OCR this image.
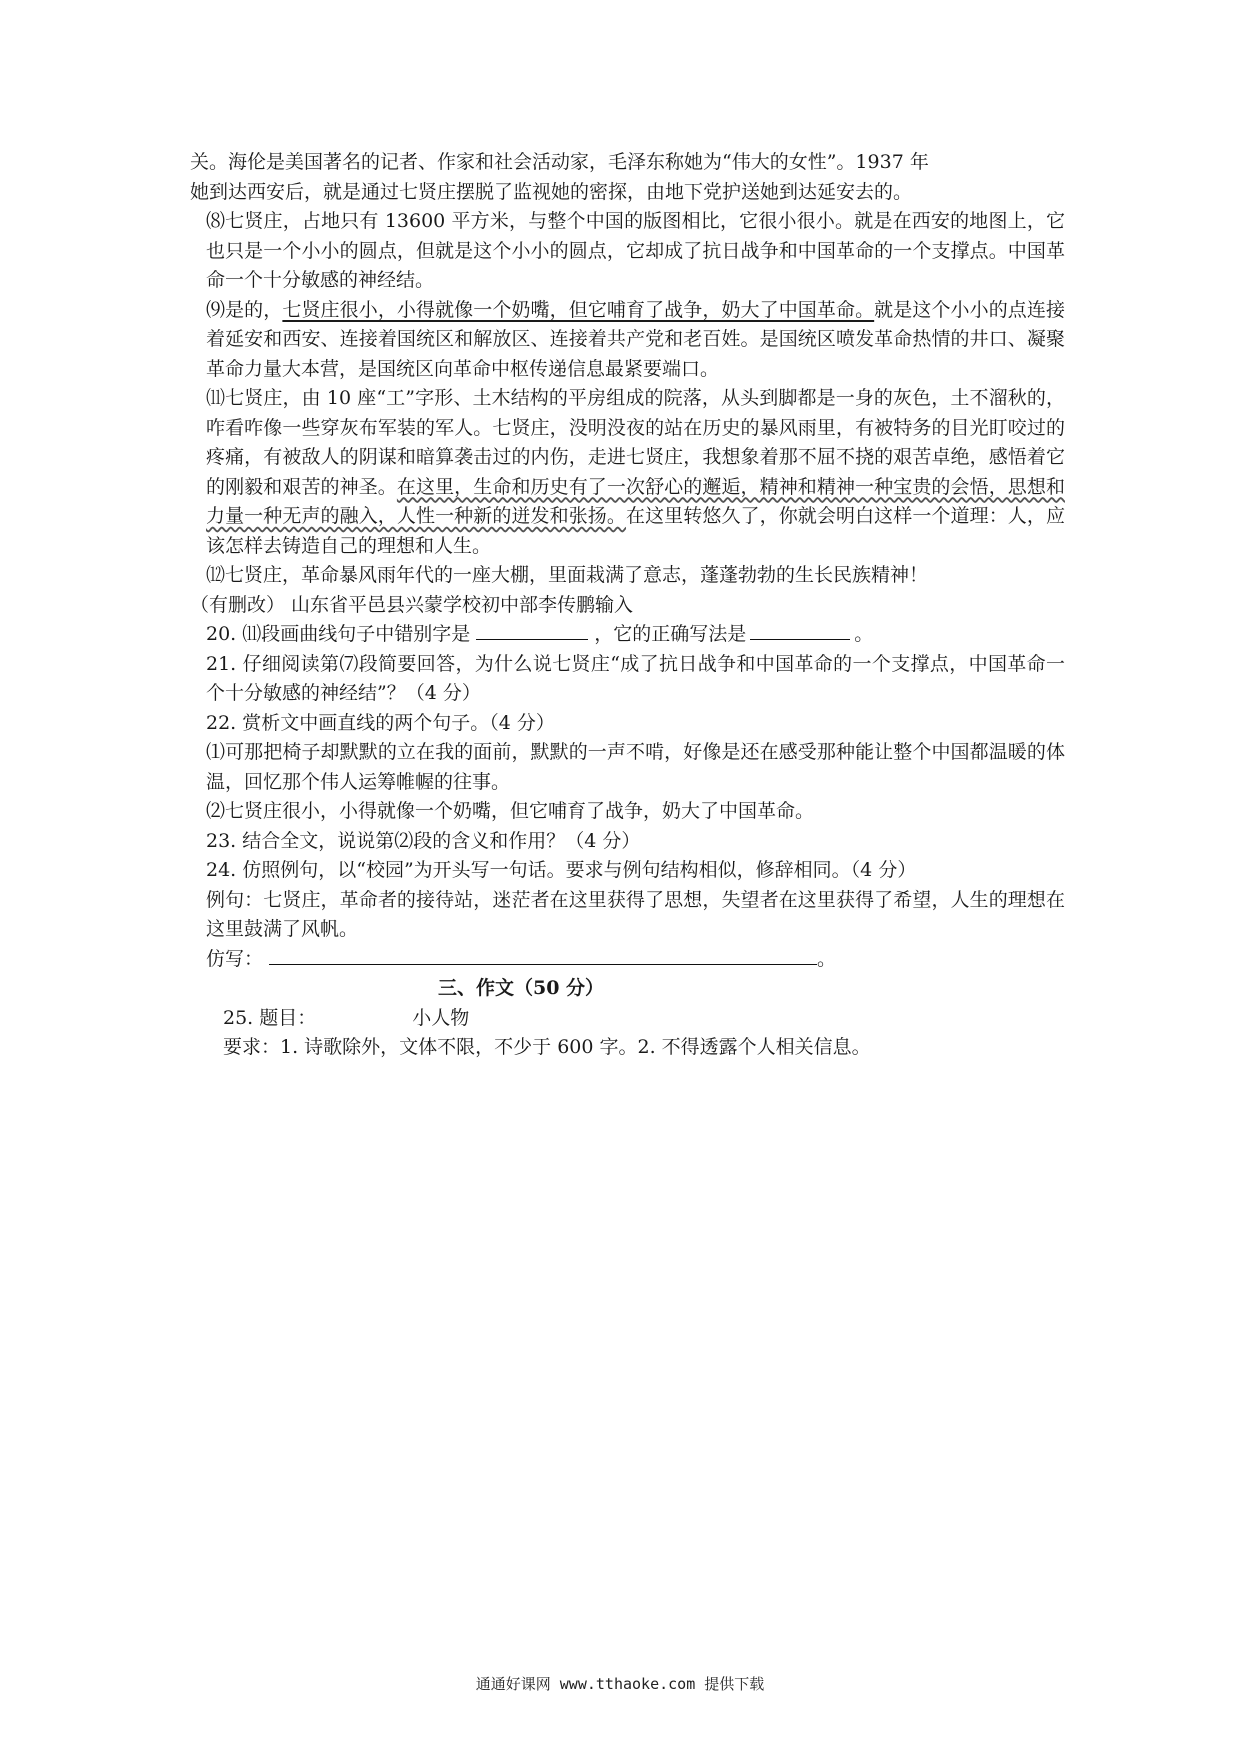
关。海伦是美国著名的记者、作家和社会活动家，毛泽东称她为“伟大的女性”。1937 年

她到达西安后，就是通过七贤庄摆脱了监视她的密探，由地下党护送她到达延安去的。

⑻七贤庄，占地只有 13600 平方米，与整个中国的版图相比，它很小很小。就是在西安的地图上，它也只是一个小小的圆点，但就是这个小小的圆点，它却成了抗日战争和中国革命的一个支撑点。中国革命一个十分敏感的神经结。

⑼是的，七贤庄很小，小得就像一个奶嘴，但它哺育了战争，奶大了中国革命。就是这个小小的点连接着延安和西安、连接着国统区和解放区、连接着共产党和老百姓。是国统区喷发革命热情的井口、凝聚革命力量大本营，是国统区向革命中枢传递信息最紧要端口。

⑾七贤庄，由 10 座“工”字形、土木结构的平房组成的院落，从头到脚都是一身的灰色，土不溜秋的，咋看咋像一些穿灰布军装的军人。七贤庄，没明没夜的站在历史的暴风雨里，有被特务的目光盯咬过的疼痛，有被敌人的阴谋和暗算袭击过的内伤，走进七贤庄，我想象着那不屈不挠的艰苦卓绝，感悟着它的刚毅和艰苦的神圣。在这里，生命和历史有了一次舒心的邂逅，精神和精神一种宝贵的会悟，思想和力量一种无声的融入，人性一种新的迸发和张扬。在这里转悠久了，你就会明白这样一个道理：人，应该怎样去铸造自己的理想和人生。

⑿七贤庄，革命暴风雨年代的一座大棚，里面栽满了意志，蓬蓬勃勃的生长民族精神！

（有删改） 山东省平邑县兴蒙学校初中部李传鹏输入

20. ⑾段画曲线句子中错别字是	，它的正确写法是	。

21. 仔细阅读第⑺段简要回答，为什么说七贤庄“成了抗日战争和中国革命的一个支撑点，中国革命一个十分敏感的神经结”？（4 分）

22. 赏析文中画直线的两个句子。（4 分）

⑴可那把椅子却默默的立在我的面前，默默的一声不啃，好像是还在感受那种能让整个中国都温暖的体温，回忆那个伟人运筹帷幄的往事。

⑵七贤庄很小，小得就像一个奶嘴，但它哺育了战争，奶大了中国革命。

23. 结合全文，说说第⑵段的含义和作用？（4 分）

24. 仿照例句，以“校园”为开头写一句话。要求与例句结构相似，修辞相同。（4 分）

例句：七贤庄，革命者的接待站，迷茫者在这里获得了思想，失望者在这里获得了希望，人生的理想在这里鼓满了风帆。

仿写：	。

三、作文（50 分）

25. 题目：	小人物

要求：1. 诗歌除外，文体不限，不少于 600 字。2. 不得透露个人相关信息。

通通好课网 www.tthaoke.com 提供下载
